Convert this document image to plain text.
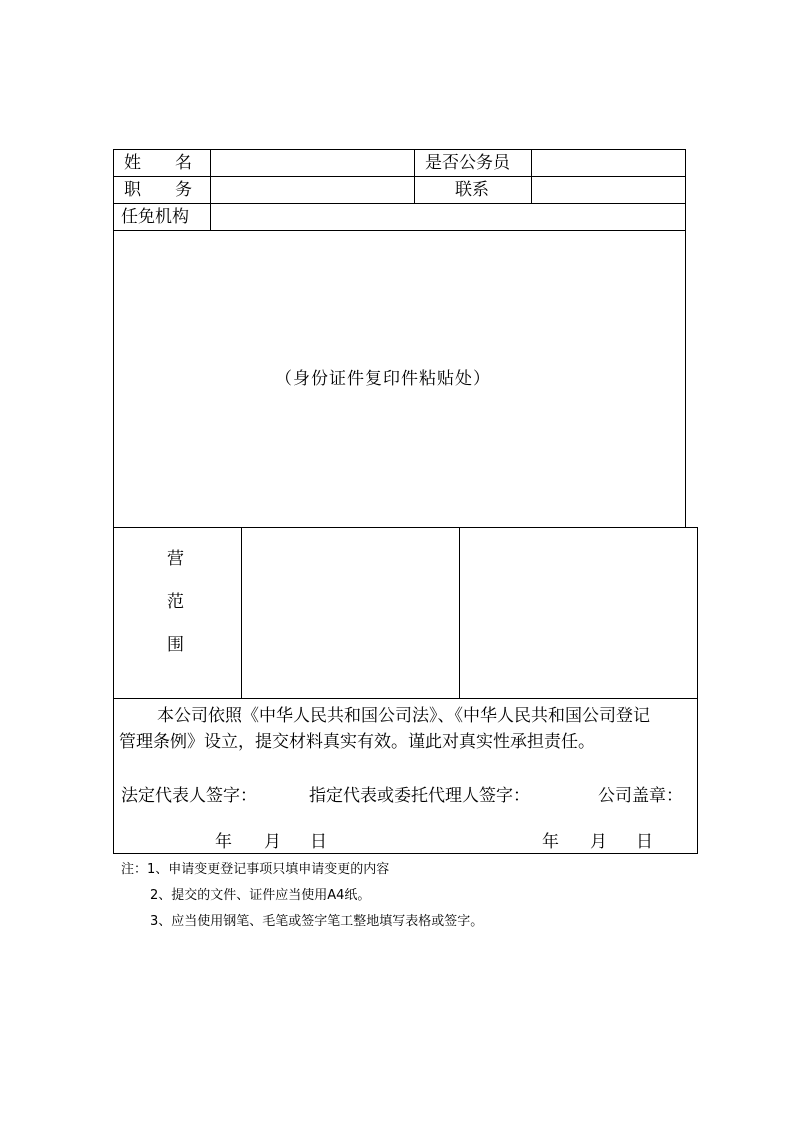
姓　　名	是否公务员
职　　务	联系
任免机构
（身份证件复印件粘贴处）
营
范
围
本公司依照《中华人民共和国公司法》、《中华人民共和国公司登记
管理条例》设立，提交材料真实有效。谨此对真实性承担责任。
法定代表人签字：	指定代表或委托代理人签字：	公司盖章：
年 月 日	年 月 日
注：1、申请变更登记事项只填申请变更的内容
2、提交的文件、证件应当使用A4纸。
3、应当使用钢笔、毛笔或签字笔工整地填写表格或签字。
